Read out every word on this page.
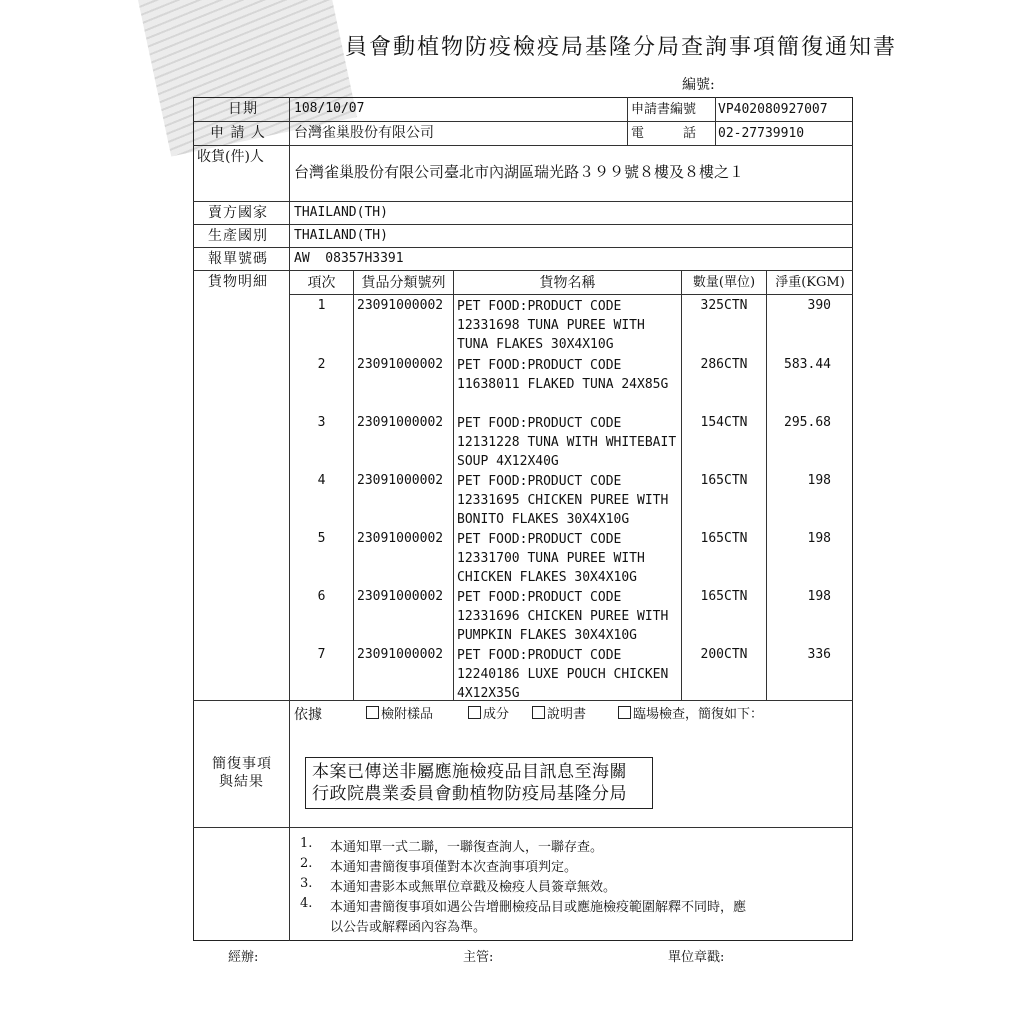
員會動植物防疫檢疫局基隆分局查詢事項簡復通知書
編號:
日期	108/10/07	申請書編號 VP402080927007
申 請 人 台灣雀巢股份有限公司	電　　　話 02-27739910
收貨(件)人
台灣雀巢股份有限公司臺北市內湖區瑞光路３９９號８樓及８樓之１
賣方國家 THAILAND(TH)
生產國別 THAILAND(TH)
報單號碼 AW  08357H3391
貨物明細	項次	貨品分類號列	貨物名稱	數量(單位)	淨重(KGM)
1	23091000002 PET FOOD:PRODUCT CODE
12331698 TUNA PUREE WITH
TUNA FLAKES 30X4X10G
325CTN	390
2	23091000002 PET FOOD:PRODUCT CODE
11638011 FLAKED TUNA 24X85G
286CTN	583.44
3	23091000002 PET FOOD:PRODUCT CODE
12131228 TUNA WITH WHITEBAIT
SOUP 4X12X40G
154CTN	295.68
4	23091000002 PET FOOD:PRODUCT CODE
12331695 CHICKEN PUREE WITH
BONITO FLAKES 30X4X10G
165CTN	198
5	23091000002 PET FOOD:PRODUCT CODE
12331700 TUNA PUREE WITH
CHICKEN FLAKES 30X4X10G
165CTN	198
6	23091000002 PET FOOD:PRODUCT CODE
12331696 CHICKEN PUREE WITH
PUMPKIN FLAKES 30X4X10G
165CTN	198
7	23091000002 PET FOOD:PRODUCT CODE
12240186 LUXE POUCH CHICKEN
4X12X35G
200CTN	336
簡復事項
與結果
依據	檢附樣品	成分	說明書	臨場檢查，簡復如下：
本案已傳送非屬應施檢疫品目訊息至海關
行政院農業委員會動植物防疫局基隆分局
1. 本通知單一式二聯，一聯復查詢人，一聯存查。
2. 本通知書簡復事項僅對本次查詢事項判定。
3. 本通知書影本或無單位章戳及檢疫人員簽章無效。
4. 本通知書簡復事項如遇公告增刪檢疫品目或應施檢疫範圍解釋不同時，應
以公告或解釋函內容為準。
經辦:	主管:	單位章戳:
